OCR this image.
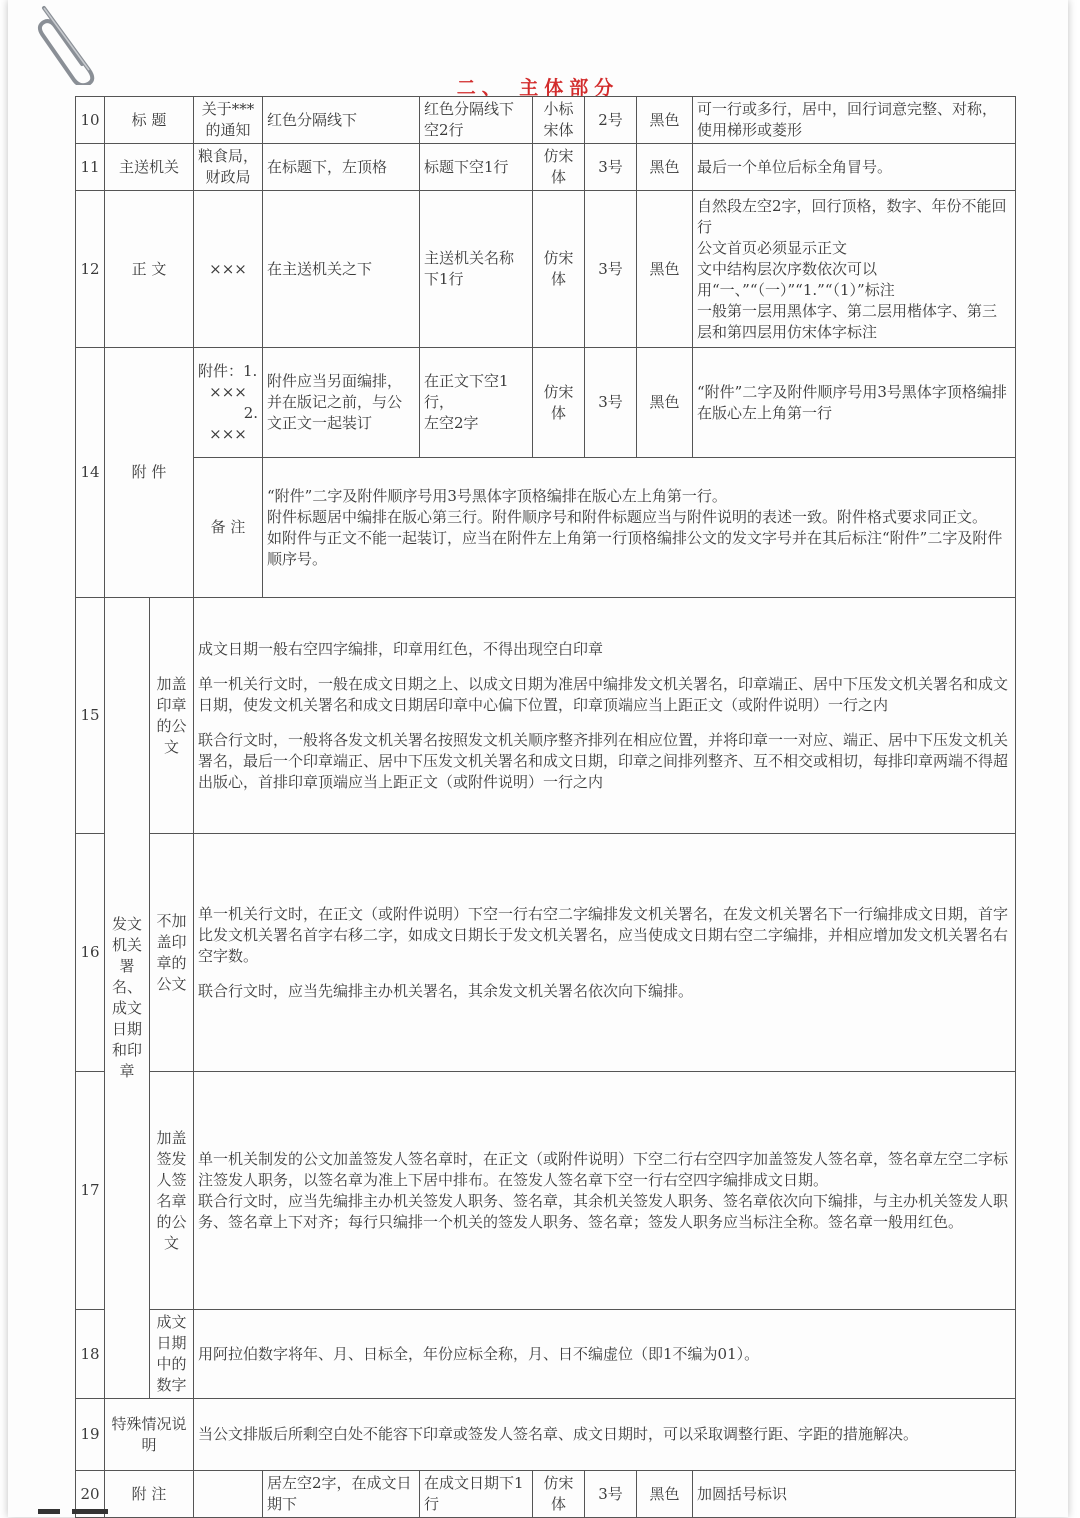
二、 主体部分
10	标 题		关于***的通知	红色分隔线下	红色分隔线下空2行	小标宋体	2号	黑色	可一行或多行，居中，回行词意完整、对称，使用梯形或菱形
11	主送机关		粮食局，财政局	在标题下，左顶格	标题下空1行	仿宋体	3号	黑色	最后一个单位后标全角冒号。
12	正 文		×××	在主送机关之下	主送机关名称下1行	仿宋体	3号	黑色	自然段左空2字，回行顶格，数字、年份不能回行
公文首页必须显示正文
文中结构层次序数依次可以用“一、”“（一）”“1.”“（1）”标注
一般第一层用黑体字、第二层用楷体字、第三层和第四层用仿宋体字标注

14	附 件		附件：1.
×××
2.
×××	附件应当另面编排，并在版记之前，与公文正文一起装订	在正文下空1
行，
左空2字	仿宋体	3号	黑色	“附件”二字及附件顺序号用3号黑体字顶格编排在版心左上角第一行
			备 注	“附件”二字及附件顺序号用3号黑体字顶格编排在版心左上角第一行。
附件标题居中编排在版心第三行。附件顺序号和附件标题应当与附件说明的表述一致。附件格式要求同正文。
如附件与正文不能一起装订，应当在附件左上角第一行顶格编排公文的发文字号并在其后标注“附件”二字及附件顺序号。					

15	发文机关署名、成文日期和印章	加盖印章的公文	成文日期一般右空四字编排，印章用红色，不得出现空白印章

单一机关行文时，一般在成文日期之上、以成文日期为准居中编排发文机关署名，印章端正、居中下压发文机关署名和成文日期，使发文机关署名和成文日期居印章中心偏下位置，印章顶端应当上距正文（或附件说明）一行之内

联合行文时，一般将各发文机关署名按照发文机关顺序整齐排列在相应位置，并将印章一一对应、端正、居中下压发文机关署名，最后一个印章端正、居中下压发文机关署名和成文日期，印章之间排列整齐、互不相交或相切，每排印章两端不得超出版心，首排印章顶端应当上距正文（或附件说明）一行之内						

16		不加盖印章的公文	单一机关行文时，在正文（或附件说明）下空一行右空二字编排发文机关署名，在发文机关署名下一行编排成文日期，首字比发文机关署名首字右移二字，如成文日期长于发文机关署名，应当使成文日期右空二字编排，并相应增加发文机关署名右空字数。

联合行文时，应当先编排主办机关署名，其余发文机关署名依次向下编排。						

17		加盖签发人签名章的公文	单一机关制发的公文加盖签发人签名章时，在正文（或附件说明）下空二行右空四字加盖签发人签名章，签名章左空二字标注签发人职务，以签名章为准上下居中排布。在签发人签名章下空一行右空四字编排成文日期。

联合行文时，应当先编排主办机关签发人职务、签名章，其余机关签发人职务、签名章依次向下编排，与主办机关签发人职务、签名章上下对齐；每行只编排一个机关的签发人职务、签名章；签发人职务应当标注全称。签名章一般用红色。						

18		成文日期中的数字	用阿拉伯数字将年、月、日标全，年份应标全称，月、日不编虚位（即1不编为01）。						
19	特殊情况说明		当公文排版后所剩空白处不能容下印章或签发人签名章、成文日期时，可以采取调整行距、字距的措施解决。						
20	附 注			居左空2字，在成文日期下	在成文日期下1行	仿宋体	3号	黑色	加圆括号标识
